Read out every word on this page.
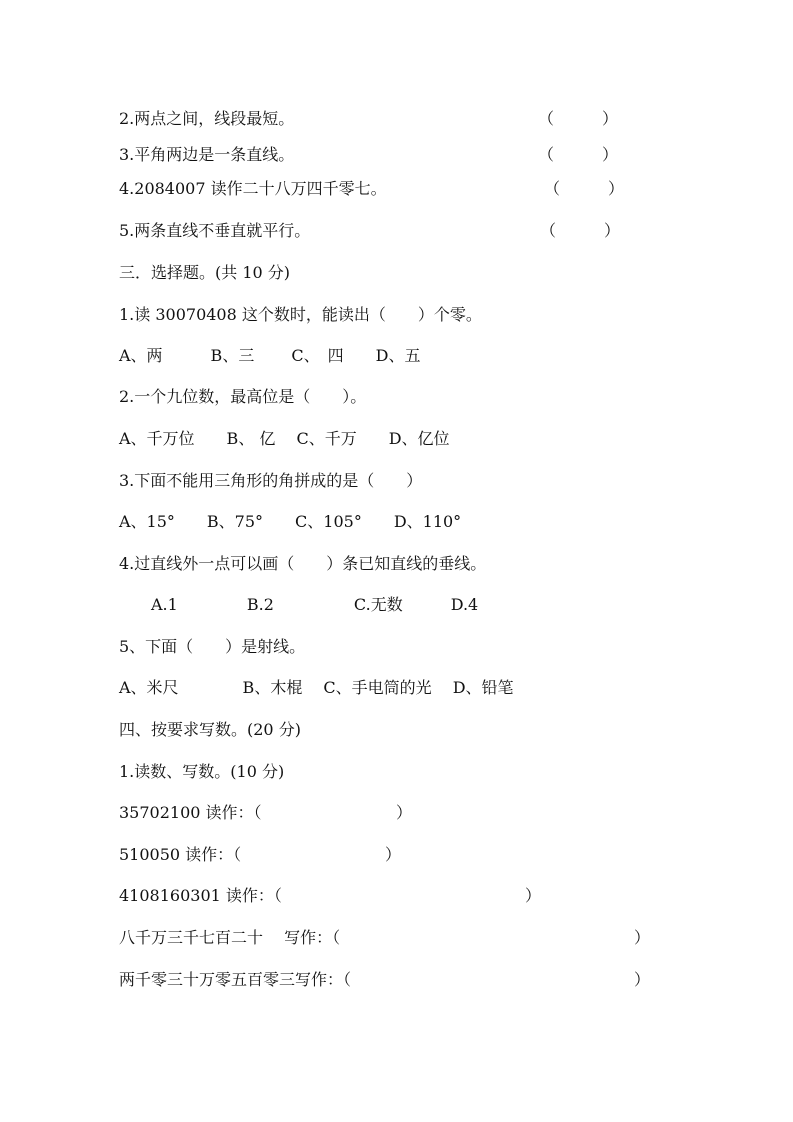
2.两点之间，线段最短。	（　　　）
3.平角两边是一条直线。	（　　　）
4.2084007 读作二十八万四千零七。	（　　　）
5.两条直线不垂直就平行。	（　　　）
三．选择题。(共 10 分)
1.读 30070408 这个数时，能读出（　　）个零。
A、两　　　B、三　　 C、　四　　D、五
2.一个九位数，最高位是（　　）。
A、千万位　　B、 亿　 C、千万　　D、亿位
3.下面不能用三角形的角拼成的是（　　）
A、15°　　B、75°　　C、105°　　D、110°
4.过直线外一点可以画（　　）条已知直线的垂线。
　　A.1　　　　 B.2　　　　　C.无数　　　D.4
5、下面（　　）是射线。
A、米尺　　　　B、木棍　 C、手电筒的光　 D、铅笔
四、按要求写数。(20 分)
1.读数、写数。(10 分)
35702100 读作：（	）
510050 读作：（	）
4108160301 读作：（	）
八千万三千七百二十　 写作：（	）
两千零三十万零五百零三写作：（	）
